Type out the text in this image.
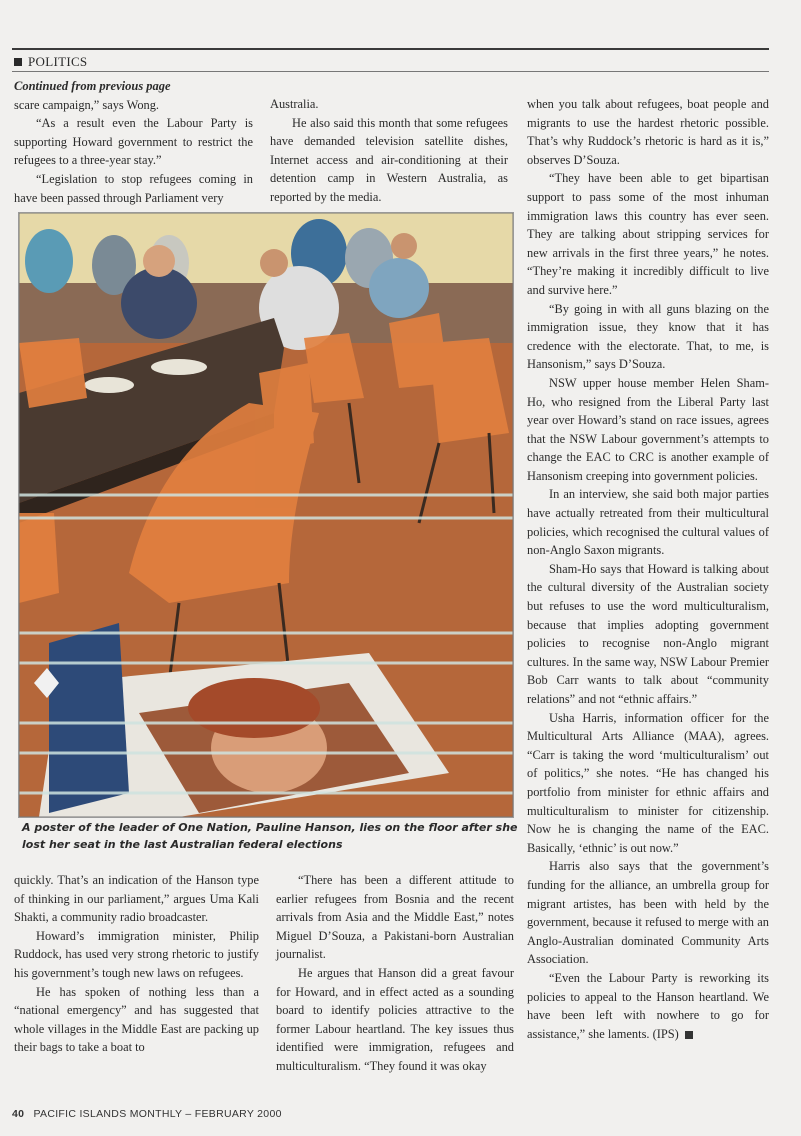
POLITICS

Continued from previous page

scare campaign,” says Wong.

“As a result even the Labour Party is supporting Howard government to restrict the refugees to a three-year stay.”

“Legislation to stop refugees coming in have been passed through Parliament very

Australia.

He also said this month that some refugees have demanded television satellite dishes, Internet access and air-conditioning at their detention camp in Western Australia, as reported by the media.

when you talk about refugees, boat people and migrants to use the hardest rhetoric possible. That’s why Ruddock’s rhetoric is hard as it is,” observes D’Souza.

“They have been able to get bipartisan support to pass some of the most inhuman immigration laws this country has ever seen. They are talking about stripping services for new arrivals in the first three years,” he notes. “They’re making it incredibly difficult to live and survive here.”

“By going in with all guns blazing on the immigration issue, they know that it has credence with the electorate. That, to me, is Hansonism,” says D’Souza.

NSW upper house member Helen Sham-Ho, who resigned from the Liberal Party last year over Howard’s stand on race issues, agrees that the NSW Labour government’s attempts to change the EAC to CRC is another example of Hansonism creeping into government policies.

In an interview, she said both major parties have actually retreated from their multicultural policies, which recognised the cultural values of non-Anglo Saxon migrants.

Sham-Ho says that Howard is talking about the cultural diversity of the Australian society but refuses to use the word multiculturalism, because that implies adopting government policies to recognise non-Anglo migrant cultures. In the same way, NSW Labour Premier Bob Carr wants to talk about “community relations” and not “ethnic affairs.”

Usha Harris, information officer for the Multicultural Arts Alliance (MAA), agrees. “Carr is taking the word ‘multiculturalism’ out of politics,” she notes. “He has changed his portfolio from minister for ethnic affairs and multiculturalism to minister for citizenship. Now he is changing the name of the EAC. Basically, ‘ethnic’ is out now.”

Harris also says that the government’s funding for the alliance, an umbrella group for migrant artistes, has been with held by the government, because it refused to merge with an Anglo-Australian dominated Community Arts Association.

“Even the Labour Party is reworking its policies to appeal to the Hanson heartland. We have been left with nowhere to go for assistance,” she laments. (IPS)

A poster of the leader of One Nation, Pauline Hanson, lies on the floor after she lost her seat in the last Australian federal elections

quickly. That’s an indication of the Hanson type of thinking in our parliament,” argues Uma Kali Shakti, a community radio broadcaster.

Howard’s immigration minister, Philip Ruddock, has used very strong rhetoric to justify his government’s tough new laws on refugees.

He has spoken of nothing less than a “national emergency” and has suggested that whole villages in the Middle East are packing up their bags to take a boat to

“There has been a different attitude to earlier refugees from Bosnia and the recent arrivals from Asia and the Middle East,” notes Miguel D’Souza, a Pakistani-born Australian journalist.

He argues that Hanson did a great favour for Howard, and in effect acted as a sounding board to identify policies attractive to the former Labour heartland. The key issues thus identified were immigration, refugees and multiculturalism. “They found it was okay

40 PACIFIC ISLANDS MONTHLY – FEBRUARY 2000
